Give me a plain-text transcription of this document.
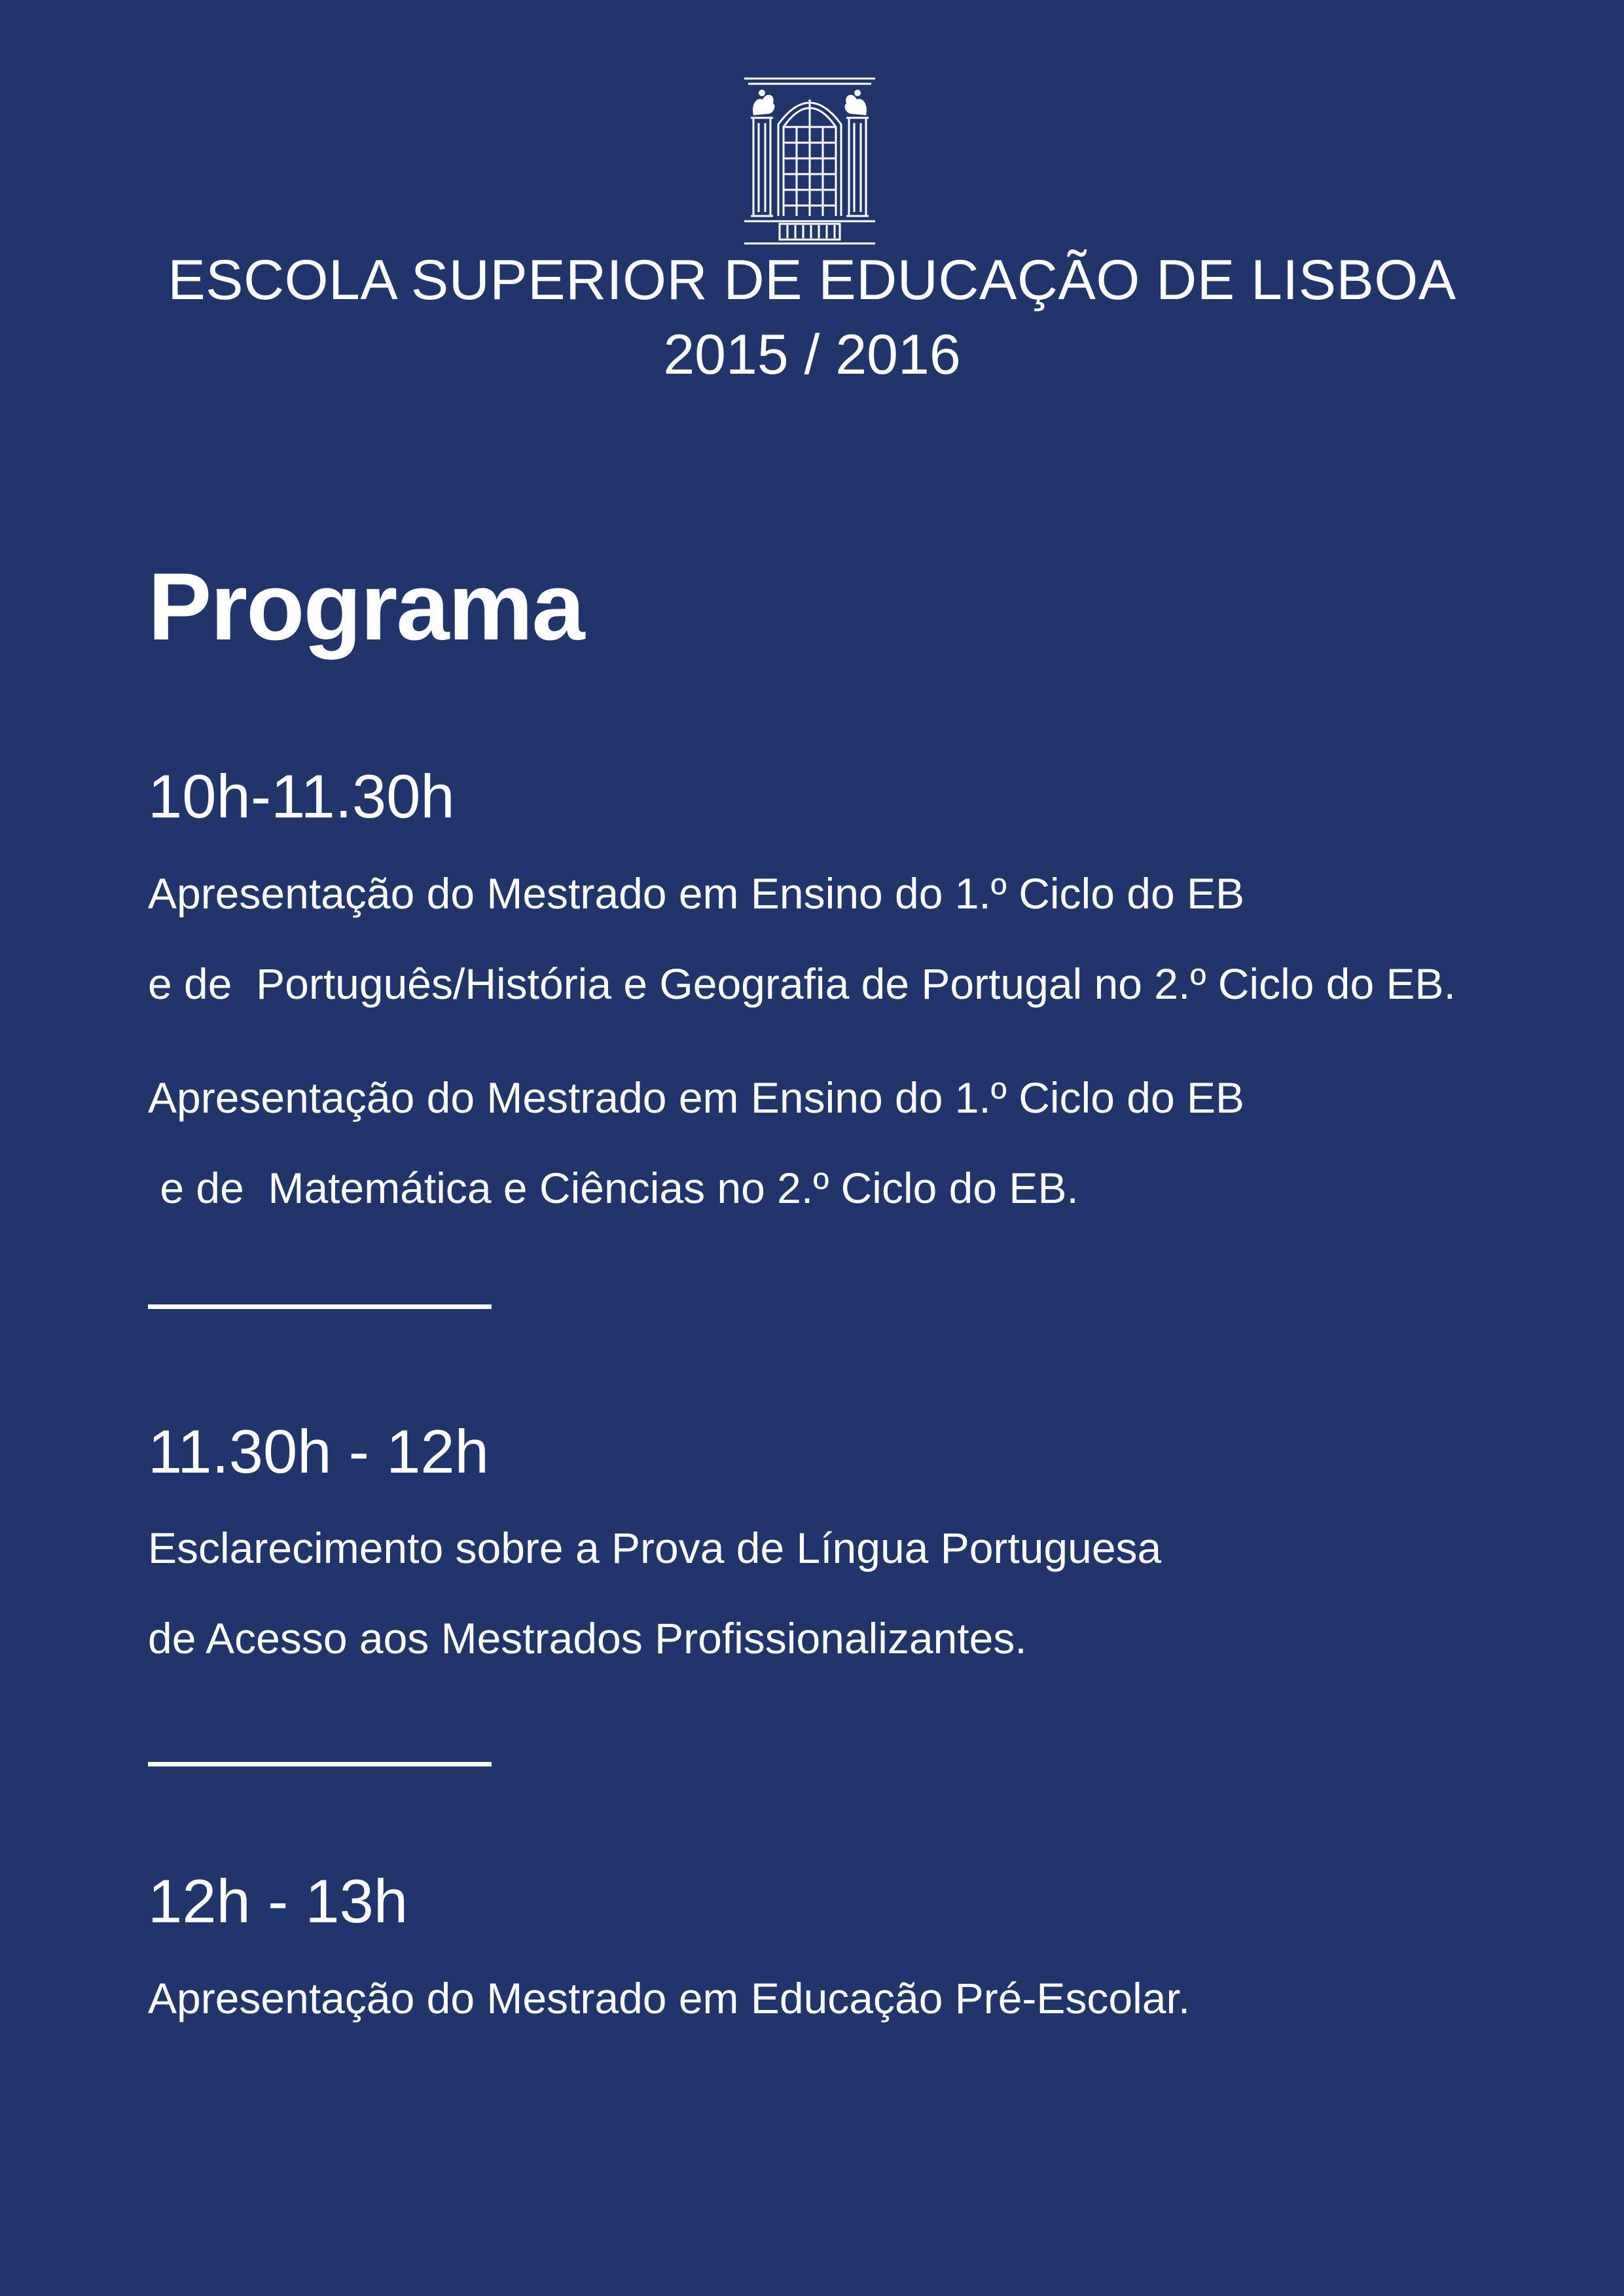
ESCOLA SUPERIOR DE EDUCAÇÃO DE LISBOA
2015 / 2016
Programa
10h-11.30h
Apresentação do Mestrado em Ensino do 1.º Ciclo do EB
e de  Português/História e Geografia de Portugal no 2.º Ciclo do EB.
Apresentação do Mestrado em Ensino do 1.º Ciclo do EB
e de  Matemática e Ciências no 2.º Ciclo do EB.
11.30h - 12h
Esclarecimento sobre a Prova de Língua Portuguesa
de Acesso aos Mestrados Profissionalizantes.
12h - 13h
Apresentação do Mestrado em Educação Pré-Escolar.
